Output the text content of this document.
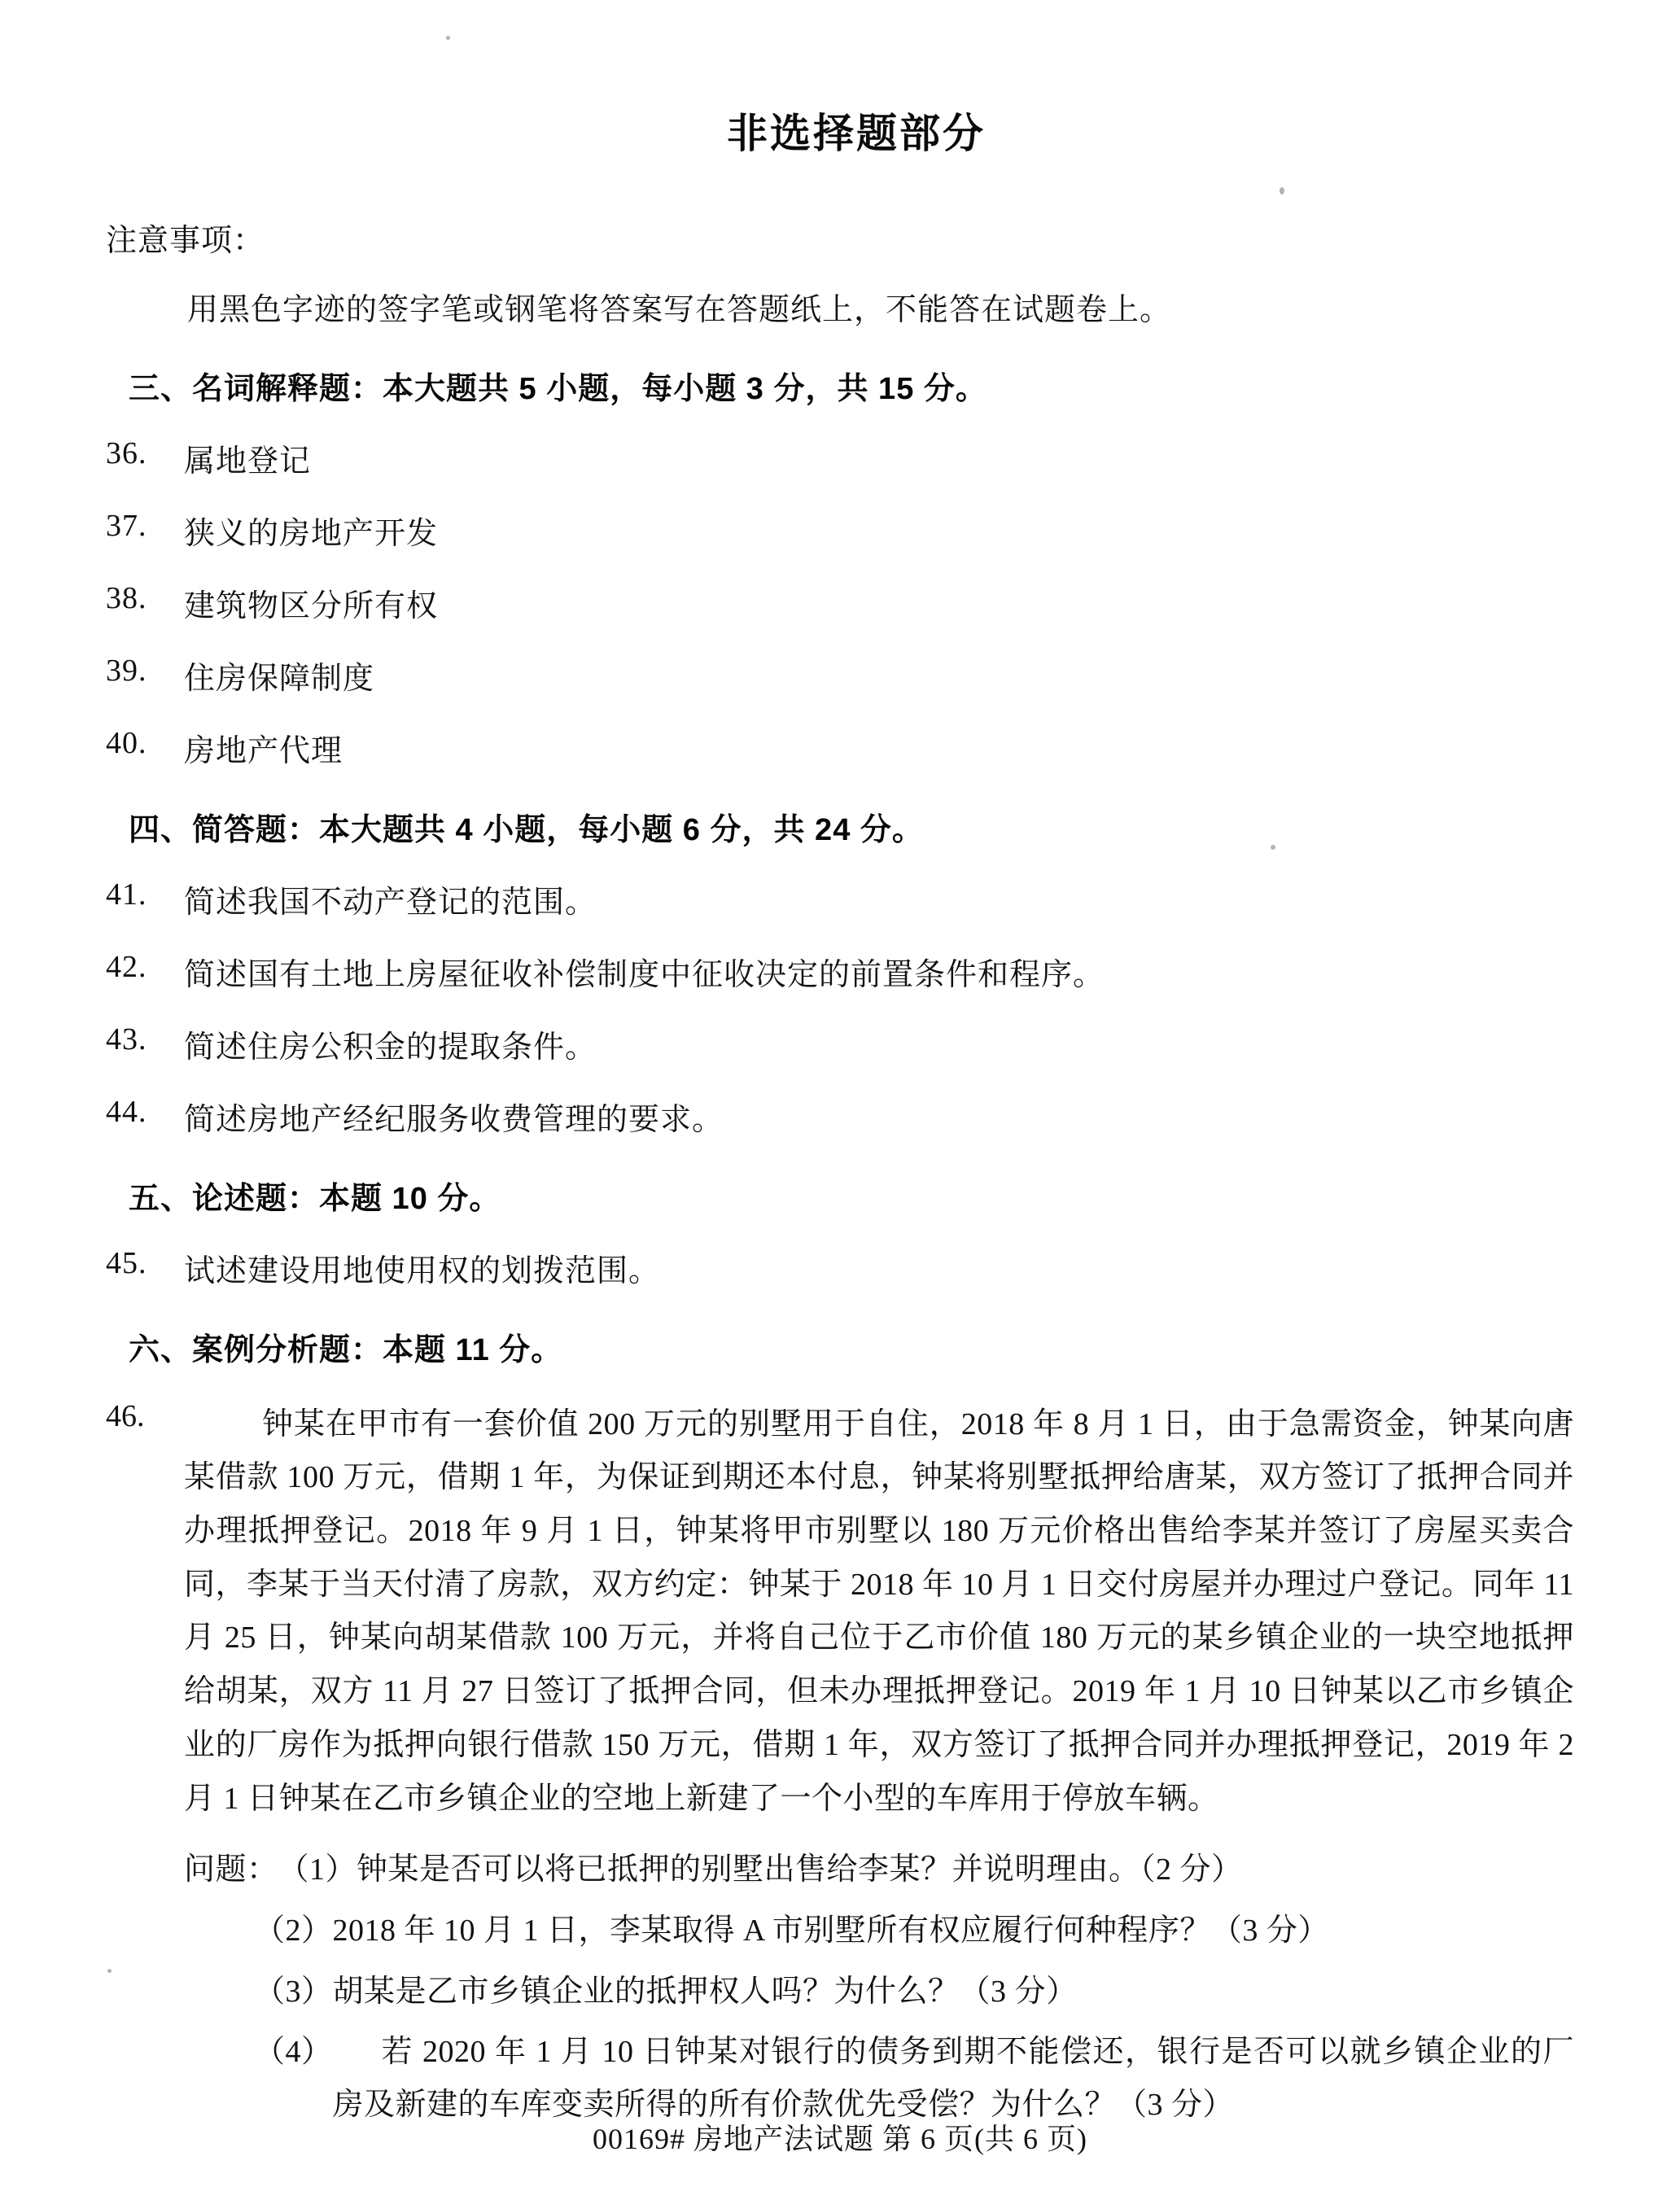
非选择题部分
注意事项：
用黑色字迹的签字笔或钢笔将答案写在答题纸上，不能答在试题卷上。
三、名词解释题：本大题共 5 小题，每小题 3 分，共 15 分。
36.	属地登记
37.	狭义的房地产开发
38.	建筑物区分所有权
39.	住房保障制度
40.	房地产代理
四、简答题：本大题共 4 小题，每小题 6 分，共 24 分。
41.	简述我国不动产登记的范围。
42.	简述国有土地上房屋征收补偿制度中征收决定的前置条件和程序。
43.	简述住房公积金的提取条件。
44.	简述房地产经纪服务收费管理的要求。
五、论述题：本题 10 分。
45.	试述建设用地使用权的划拨范围。
六、案例分析题：本题 11 分。
46.	钟某在甲市有一套价值 200 万元的别墅用于自住，2018 年 8 月 1 日，由于急需资金，钟某向唐某借款 100 万元，借期 1 年，为保证到期还本付息，钟某将别墅抵押给唐某，双方签订了抵押合同并办理抵押登记。2018 年 9 月 1 日，钟某将甲市别墅以 180 万元价格出售给李某并签订了房屋买卖合同，李某于当天付清了房款，双方约定：钟某于 2018 年 10 月 1 日交付房屋并办理过户登记。同年 11 月 25 日，钟某向胡某借款 100 万元，并将自己位于乙市价值 180 万元的某乡镇企业的一块空地抵押给胡某，双方 11 月 27 日签订了抵押合同，但未办理抵押登记。2019 年 1 月 10 日钟某以乙市乡镇企业的厂房作为抵押向银行借款 150 万元，借期 1 年，双方签订了抵押合同并办理抵押登记，2019 年 2 月 1 日钟某在乙市乡镇企业的空地上新建了一个小型的车库用于停放车辆。
问题： （1） 钟某是否可以将已抵押的别墅出售给李某？并说明理由。（2 分）
（2） 2018 年 10 月 1 日，李某取得 A 市别墅所有权应履行何种程序？（3 分）
（3） 胡某是乙市乡镇企业的抵押权人吗？为什么？（3 分）
（4）	若 2020 年 1 月 10 日钟某对银行的债务到期不能偿还，银行是否可以就乡镇企业的厂房及新建的车库变卖所得的所有价款优先受偿？为什么？（3 分）
00169# 房地产法试题 第 6 页(共 6 页)
